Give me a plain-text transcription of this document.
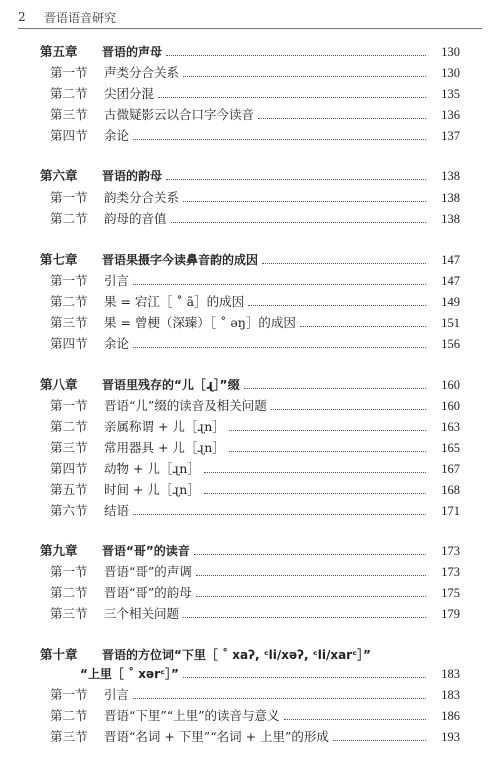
2	晋语语音研究
第五章	晋语的声母	130
第一节	声类分合关系	130
第二节	尖团分混	135
第三节	古微疑影云以合口字今读音	136
第四节	余论	137
第六章	晋语的韵母	138
第一节	韵类分合关系	138
第二节	韵母的音值	138
第七章	晋语果摄字今读鼻音韵的成因	147
第一节	引言	147
第二节	果 = 宕江［ ˚ ã］的成因	149
第三节	果 = 曾梗（深臻）［ ˚ əŋ］的成因	151
第四节	余论	156
第八章	晋语里残存的“儿［ɻ］”缀	160
第一节	晋语“儿”缀的读音及相关问题	160
第二节	亲属称谓 + 儿［ɻn］	163
第三节	常用器具 + 儿［ɻn］	165
第四节	动物 + 儿［ɻn］	167
第五节	时间 + 儿［ɻn］	168
第六节	结语	171
第九章	晋语“哥”的读音	173
第一节	晋语“哥”的声调	173
第二节	晋语“哥”的韵母	175
第三节	三个相关问题	179
第十章	晋语的方位词“下里［ ˚ xaʔ, ᶜli/xəʔ, ᶜli/xarᶜ］”
“上里［ ˚ xərᶜ］”	183
第一节	引言	183
第二节	晋语“下里”“上里”的读音与意义	186
第三节	晋语“名词 + 下里”“名词 + 上里”的形成	193
